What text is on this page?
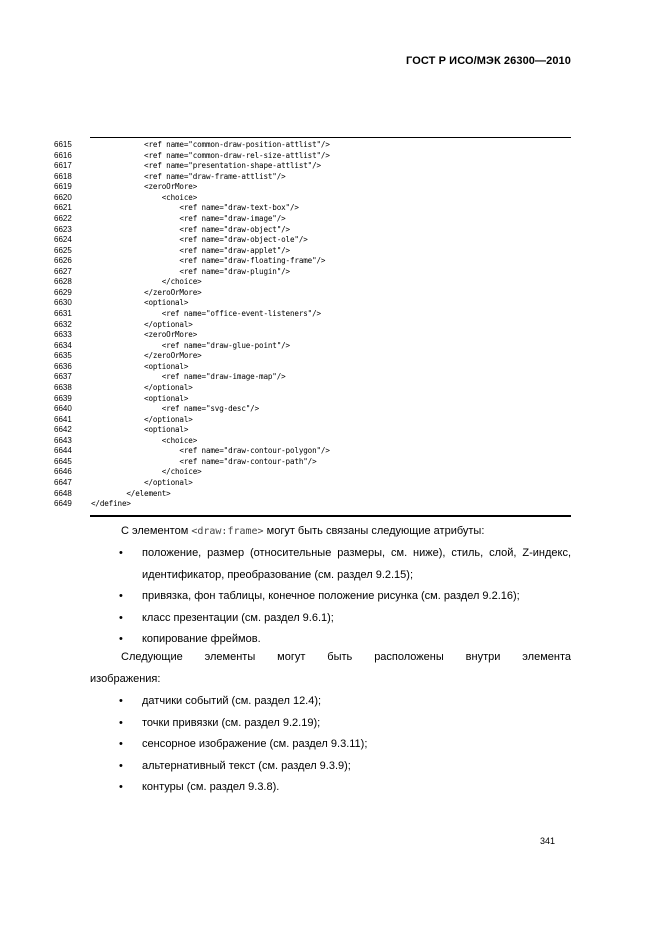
ГОСТ Р ИСО/МЭК 26300—2010
6615	<ref name="common-draw-position-attlist"/>
6616	<ref name="common-draw-rel-size-attlist"/>
6617	<ref name="presentation-shape-attlist"/>
6618	<ref name="draw-frame-attlist"/>
6619	<zeroOrMore>
6620	<choice>
6621	<ref name="draw-text-box"/>
6622	<ref name="draw-image"/>
6623	<ref name="draw-object"/>
6624	<ref name="draw-object-ole"/>
6625	<ref name="draw-applet"/>
6626	<ref name="draw-floating-frame"/>
6627	<ref name="draw-plugin"/>
6628	</choice>
6629	</zeroOrMore>
6630	<optional>
6631	<ref name="office-event-listeners"/>
6632	</optional>
6633	<zeroOrMore>
6634	<ref name="draw-glue-point"/>
6635	</zeroOrMore>
6636	<optional>
6637	<ref name="draw-image-map"/>
6638	</optional>
6639	<optional>
6640	<ref name="svg-desc"/>
6641	</optional>
6642	<optional>
6643	<choice>
6644	<ref name="draw-contour-polygon"/>
6645	<ref name="draw-contour-path"/>
6646	</choice>
6647	</optional>
6648	</element>
6649	</define>
С элементом <draw:frame> могут быть связаны следующие атрибуты:
• положение, размер (относительные размеры, см. ниже), стиль, слой, Z-индекс, идентификатор, преобразование (см. раздел 9.2.15);
• привязка, фон таблицы, конечное положение рисунка (см. раздел 9.2.16);
• класс презентации (см. раздел 9.6.1);
• копирование фреймов.
Следующие элементы могут быть расположены внутри элемента
изображения:
• датчики событий (см. раздел 12.4);
• точки привязки (см. раздел 9.2.19);
• сенсорное изображение (см. раздел 9.3.11);
• альтернативный текст (см. раздел 9.3.9);
• контуры (см. раздел 9.3.8).
341
